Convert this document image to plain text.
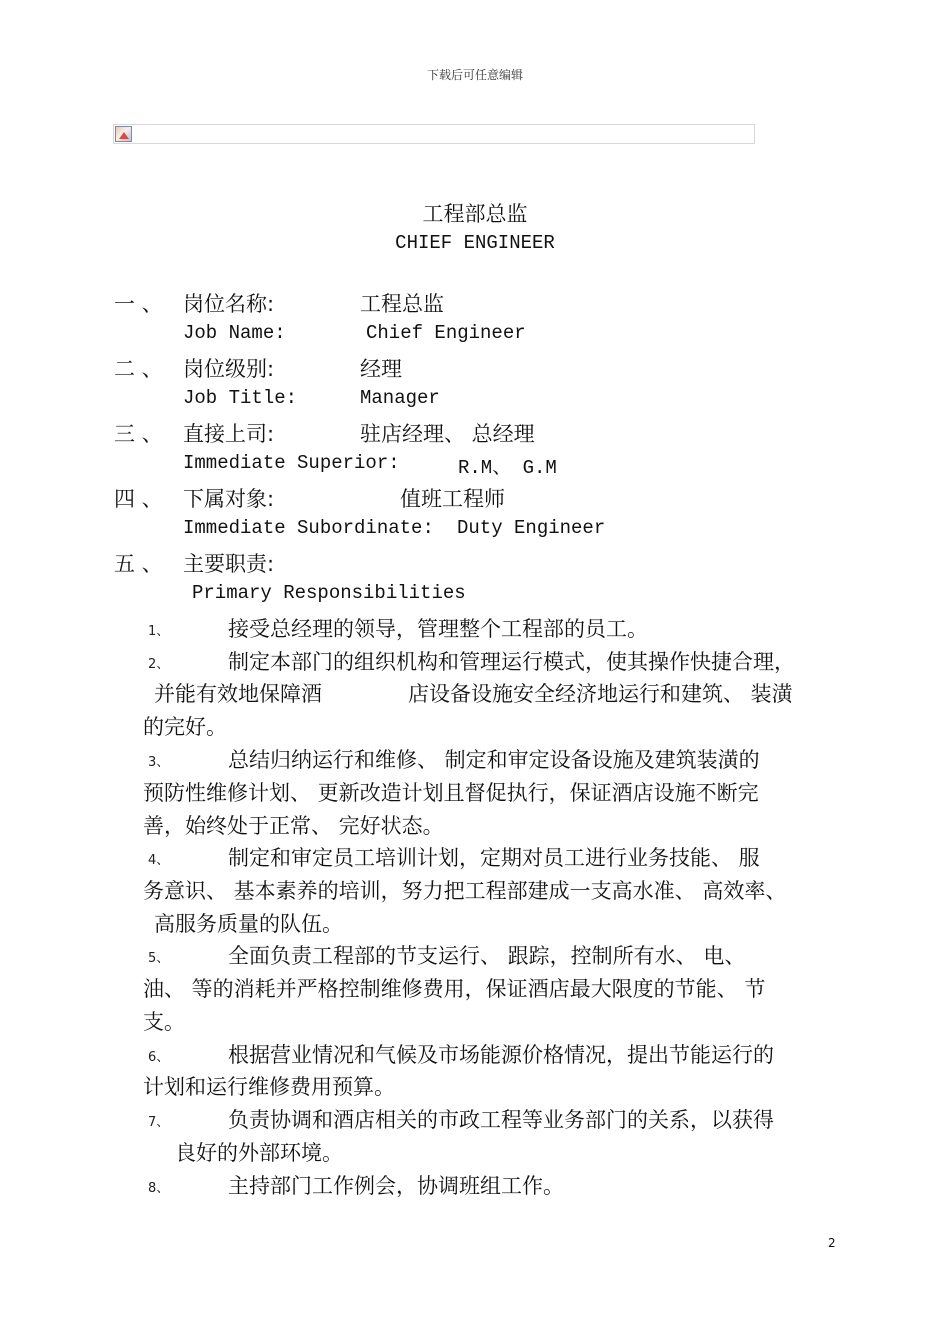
下载后可任意编辑
工程部总监
CHIEF ENGINEER
一 、 岗位名称:	工程总监
Job Name:	Chief Engineer
二 、 岗位级别:	经理
Job Title:	Manager
三 、 直接上司:	驻店经理、 总经理
Immediate Superior:	R.M、 G.M
四 、 下属对象:	值班工程师
Immediate Subordinate: Duty Engineer
五 、 主要职责:
Primary Responsibilities
1、	接受总经理的领导，管理整个工程部的员工。
2、	制定本部门的组织机构和管理运行模式，使其操作快捷合理，
并能有效地保障酒	店设备设施安全经济地运行和建筑、 装潢
的完好。
3、	总结归纳运行和维修、 制定和审定设备设施及建筑装潢的
预防性维修计划、 更新改造计划且督促执行，保证酒店设施不断完
善，始终处于正常、 完好状态。
4、	制定和审定员工培训计划，定期对员工进行业务技能、 服
务意识、 基本素养的培训，努力把工程部建成一支高水准、 高效率、
高服务质量的队伍。
5、	全面负责工程部的节支运行、 跟踪，控制所有水、 电、
油、 等的消耗并严格控制维修费用，保证酒店最大限度的节能、 节
支。
6、	根据营业情况和气候及市场能源价格情况，提出节能运行的
计划和运行维修费用预算。
7、	负责协调和酒店相关的市政工程等业务部门的关系，以获得
良好的外部环境。
8、	主持部门工作例会，协调班组工作。
2
